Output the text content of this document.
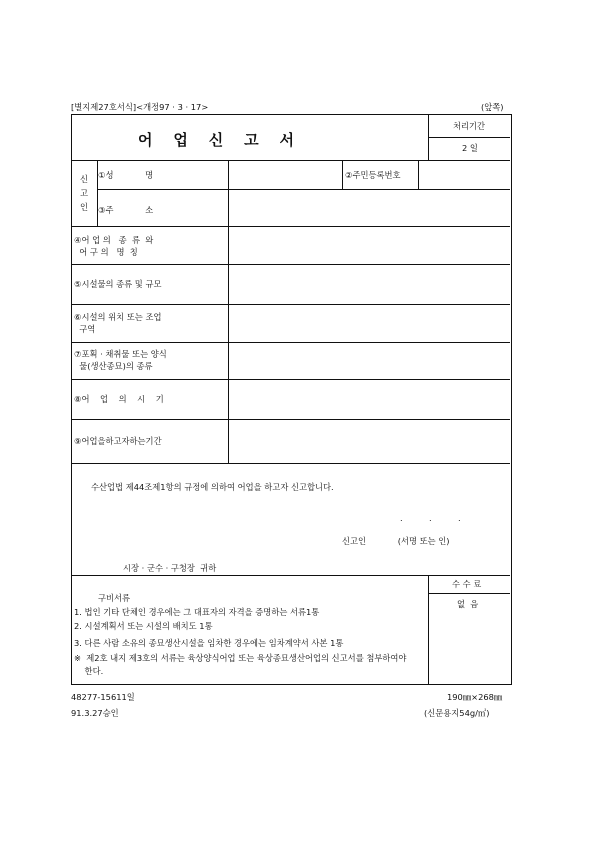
[별지제27호서식]<개정97 · 3 · 17>	(앞쪽)
어    업    신    고    서
처리기간
2 일
신
고
인
①성            명	②주민등록번호
③주            소
④어 업 의   종  류  와
어 구 의   명  칭
⑤시설물의 종류 및 규모
⑥시설의 위치 또는 조업
구역
⑦포획 · 채취물 또는 양식
물(생산종묘)의 종류
⑧어    업    의    시    기
⑨어업을하고자하는기간
수산업법 제44조제1항의 규정에 의하여 어업을 하고자 신고합니다.
.          .          .
신고인            (서명 또는 인)
시장 · 군수 · 구청장  귀하
구비서류
1. 법인 기타 단체인 경우에는 그 대표자의 자격을 증명하는 서류1통
2. 시설계획서 또는 시설의 배치도 1통
3. 다른 사람 소유의 종묘생산시설을 임차한 경우에는 임차계약서 사본 1통
※  제2호 내지 제3호의 서류는 육상양식어업 또는 육상종묘생산어업의 신고서를 첨부하여야
한다.
수 수 료
없  음
48277-15611일
91.3.27승인
190㎜×268㎜
(신문용지54g/㎡)
